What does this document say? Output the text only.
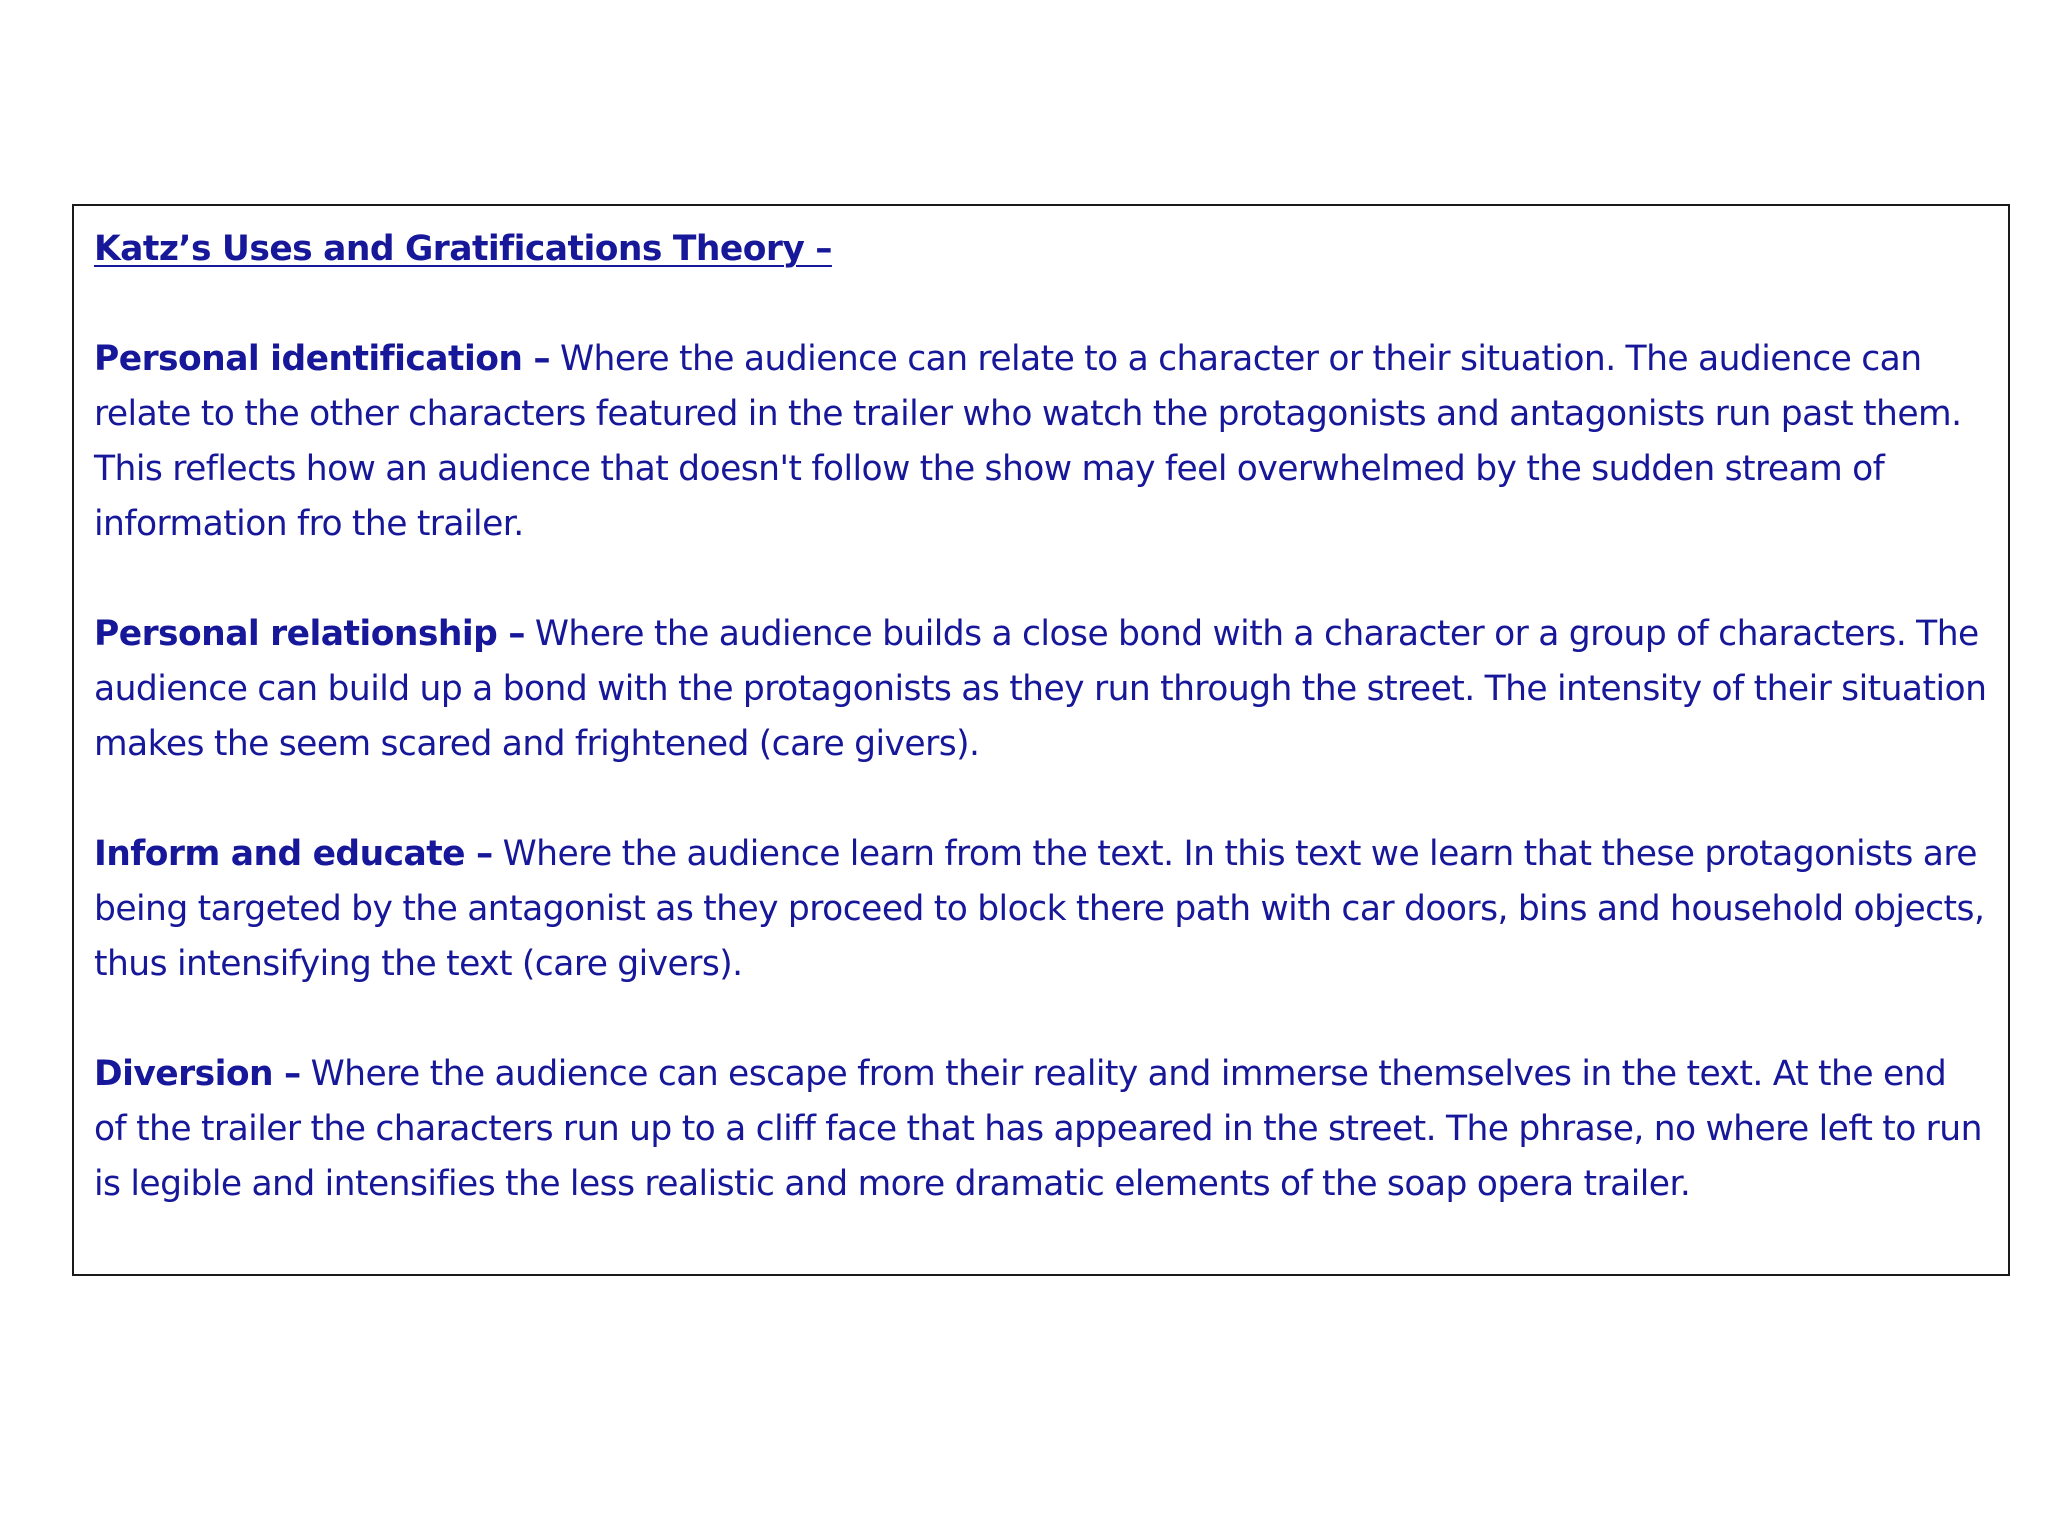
Katz’s Uses and Gratifications Theory –

Personal identification – Where the audience can relate to a character or their situation. The audience can relate to the other characters featured in the trailer who watch the protagonists and antagonists run past them. This reflects how an audience that doesn't follow the show may feel overwhelmed by the sudden stream of information fro the trailer.

Personal relationship – Where the audience builds a close bond with a character or a group of characters. The audience can build up a bond with the protagonists as they run through the street. The intensity of their situation makes the seem scared and frightened (care givers).

Inform and educate – Where the audience learn from the text. In this text we learn that these protagonists are being targeted by the antagonist as they proceed to block there path with car doors, bins and household objects, thus intensifying the text (care givers).

Diversion – Where the audience can escape from their reality and immerse themselves in the text. At the end of the trailer the characters run up to a cliff face that has appeared in the street. The phrase, no where left to run is legible and intensifies the less realistic and more dramatic elements of the soap opera trailer.
